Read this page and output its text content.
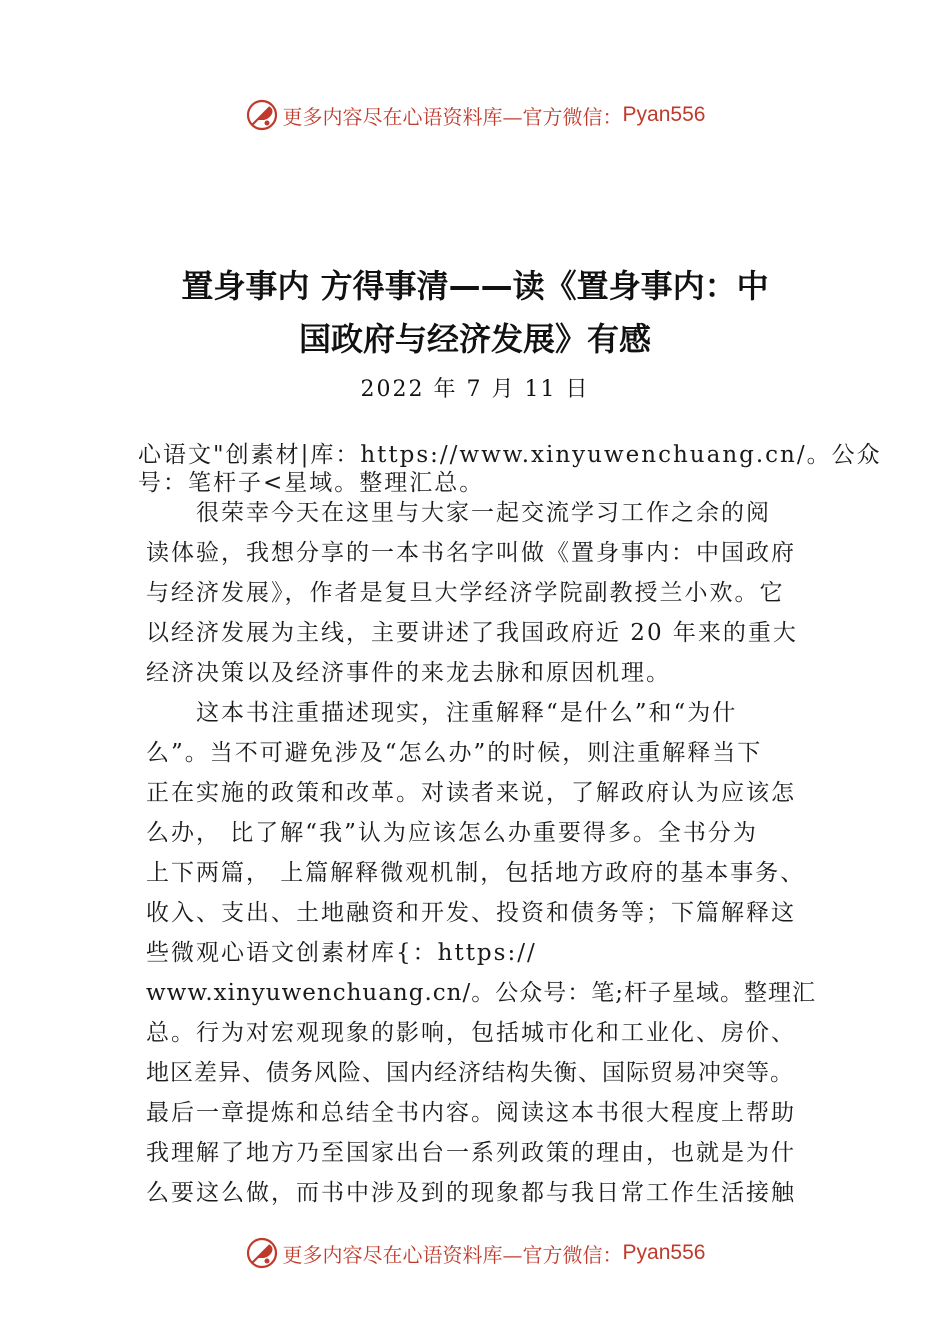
更多内容尽在心语资料库—官方微信： Pyan556
置身事内 方得事清——读《置身事内：中
国政府与经济发展》有感
2022 年 7 月 11 日
心语文"创素材|库：https://www.xinyuwenchuang.cn/。公众
号：笔杆子<星域。整理汇总。
很荣幸今天在这里与大家一起交流学习工作之余的阅
读体验，我想分享的一本书名字叫做《置身事内：中国政府
与经济发展》，作者是复旦大学经济学院副教授兰小欢。它
以经济发展为主线，主要讲述了我国政府近 20 年来的重大
经济决策以及经济事件的来龙去脉和原因机理。
这本书注重描述现实，注重解释“是什么”和“为什
么”。当不可避免涉及“怎么办”的时候，则注重解释当下
正在实施的政策和改革。对读者来说，了解政府认为应该怎
么办， 比了解“我”认为应该怎么办重要得多。全书分为
上下两篇， 上篇解释微观机制，包括地方政府的基本事务、
收入、支出、土地融资和开发、投资和债务等；下篇解释这
些微观心语文创素材库{：https://
www.xinyuwenchuang.cn/。公众号：笔;杆子星域。整理汇
总。行为对宏观现象的影响，包括城市化和工业化、房价、
地区差异、债务风险、国内经济结构失衡、国际贸易冲突等。
最后一章提炼和总结全书内容。阅读这本书很大程度上帮助
我理解了地方乃至国家出台一系列政策的理由，也就是为什
么要这么做，而书中涉及到的现象都与我日常工作生活接触
更多内容尽在心语资料库—官方微信： Pyan556
